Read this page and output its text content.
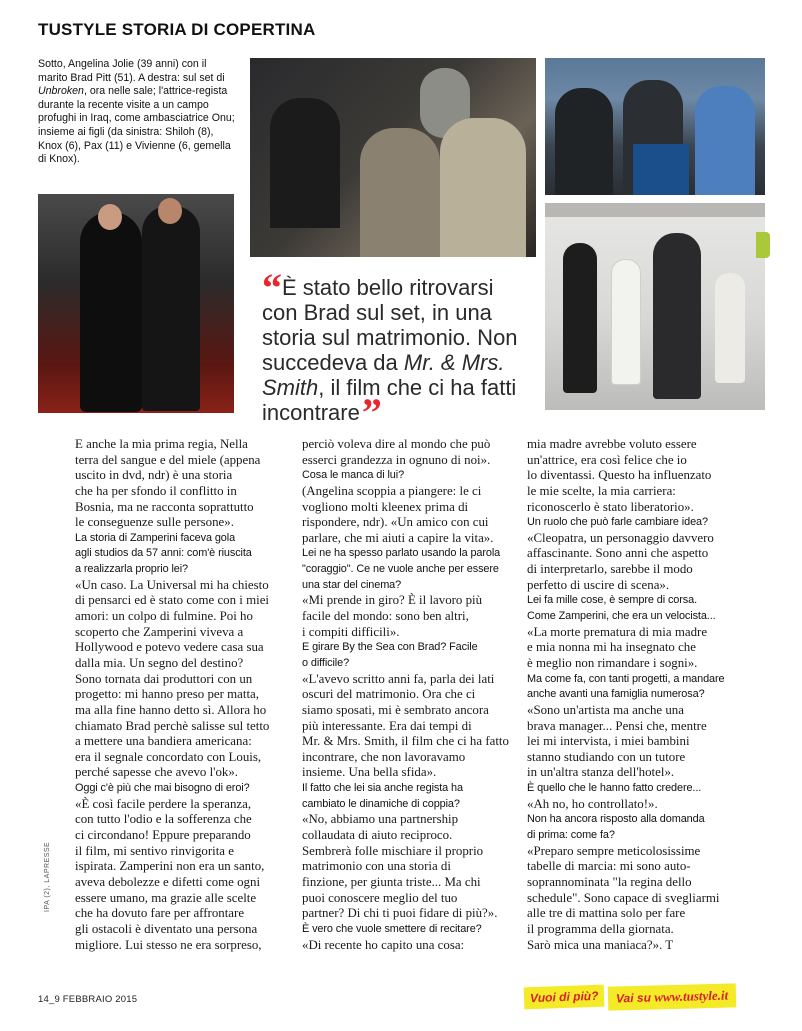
TUSTYLE STORIA DI COPERTINA
Sotto, Angelina Jolie (39 anni) con il marito Brad Pitt (51). A destra: sul set di Unbroken, ora nelle sale; l'attrice-regista durante la recente visite a un campo profughi in Iraq, come ambasciatrice Onu; insieme ai figli (da sinistra: Shiloh (8), Knox (6), Pax (11) e Vivienne (6, gemella di Knox).
“È stato bello ritrovarsi con Brad sul set, in una storia sul matrimonio. Non succedeva da Mr. & Mrs. Smith, il film che ci ha fatti incontrare”
E anche la mia prima regia, Nella
terra del sangue e del miele (appena
uscito in dvd, ndr) è una storia
che ha per sfondo il conflitto in
Bosnia, ma ne racconta soprattutto
le conseguenze sulle persone».
La storia di Zamperini faceva gola
agli studios da 57 anni: com'è riuscita
a realizzarla proprio lei?
«Un caso. La Universal mi ha chiesto
di pensarci ed è stato come con i miei
amori: un colpo di fulmine. Poi ho
scoperto che Zamperini viveva a
Hollywood e potevo vedere casa sua
dalla mia. Un segno del destino?
Sono tornata dai produttori con un
progetto: mi hanno preso per matta,
ma alla fine hanno detto sì. Allora ho
chiamato Brad perchè salisse sul tetto
a mettere una bandiera americana:
era il segnale concordato con Louis,
perché sapesse che avevo l'ok».
Oggi c'è più che mai bisogno di eroi?
«È così facile perdere la speranza,
con tutto l'odio e la sofferenza che
ci circondano! Eppure preparando
il film, mi sentivo rinvigorita e
ispirata. Zamperini non era un santo,
aveva debolezze e difetti come ogni
essere umano, ma grazie alle scelte
che ha dovuto fare per affrontare
gli ostacoli è diventato una persona
migliore. Lui stesso ne era sorpreso,
perciò voleva dire al mondo che può
esserci grandezza in ognuno di noi».
Cosa le manca di lui?
(Angelina scoppia a piangere: le ci
vogliono molti kleenex prima di
rispondere, ndr). «Un amico con cui
parlare, che mi aiuti a capire la vita».
Lei ne ha spesso parlato usando la parola
"coraggio". Ce ne vuole anche per essere
una star del cinema?
«Mi prende in giro? È il lavoro più
facile del mondo: sono ben altri,
i compiti difficili».
E girare By the Sea con Brad? Facile
o difficile?
«L'avevo scritto anni fa, parla dei lati
oscuri del matrimonio. Ora che ci
siamo sposati, mi è sembrato ancora
più interessante. Era dai tempi di
Mr. & Mrs. Smith, il film che ci ha fatto
incontrare, che non lavoravamo
insieme. Una bella sfida».
Il fatto che lei sia anche regista ha
cambiato le dinamiche di coppia?
«No, abbiamo una partnership
collaudata di aiuto reciproco.
Sembrerà folle mischiare il proprio
matrimonio con una storia di
finzione, per giunta triste... Ma chi
puoi conoscere meglio del tuo
partner? Di chi ti puoi fidare di più?».
È vero che vuole smettere di recitare?
«Di recente ho capito una cosa:
mia madre avrebbe voluto essere
un'attrice, era così felice che io
lo diventassi. Questo ha influenzato
le mie scelte, la mia carriera:
riconoscerlo è stato liberatorio».
Un ruolo che può farle cambiare idea?
«Cleopatra, un personaggio davvero
affascinante. Sono anni che aspetto
di interpretarlo, sarebbe il modo
perfetto di uscire di scena».
Lei fa mille cose, è sempre di corsa.
Come Zamperini, che era un velocista...
«La morte prematura di mia madre
e mia nonna mi ha insegnato che
è meglio non rimandare i sogni».
Ma come fa, con tanti progetti, a mandare
anche avanti una famiglia numerosa?
«Sono un'artista ma anche una
brava manager... Pensi che, mentre
lei mi intervista, i miei bambini
stanno studiando con un tutore
in un'altra stanza dell'hotel».
È quello che le hanno fatto credere...
«Ah no, ho controllato!».
Non ha ancora risposto alla domanda
di prima: come fa?
«Preparo sempre meticolosissime
tabelle di marcia: mi sono auto-
soprannominata "la regina dello
schedule". Sono capace di svegliarmi
alle tre di mattina solo per fare
il programma della giornata.
Sarò mica una maniaca?». T
IPA (2), LAPRESSE
14_9 FEBBRAIO 2015	Vuoi di più?	Vai su www.tustyle.it
